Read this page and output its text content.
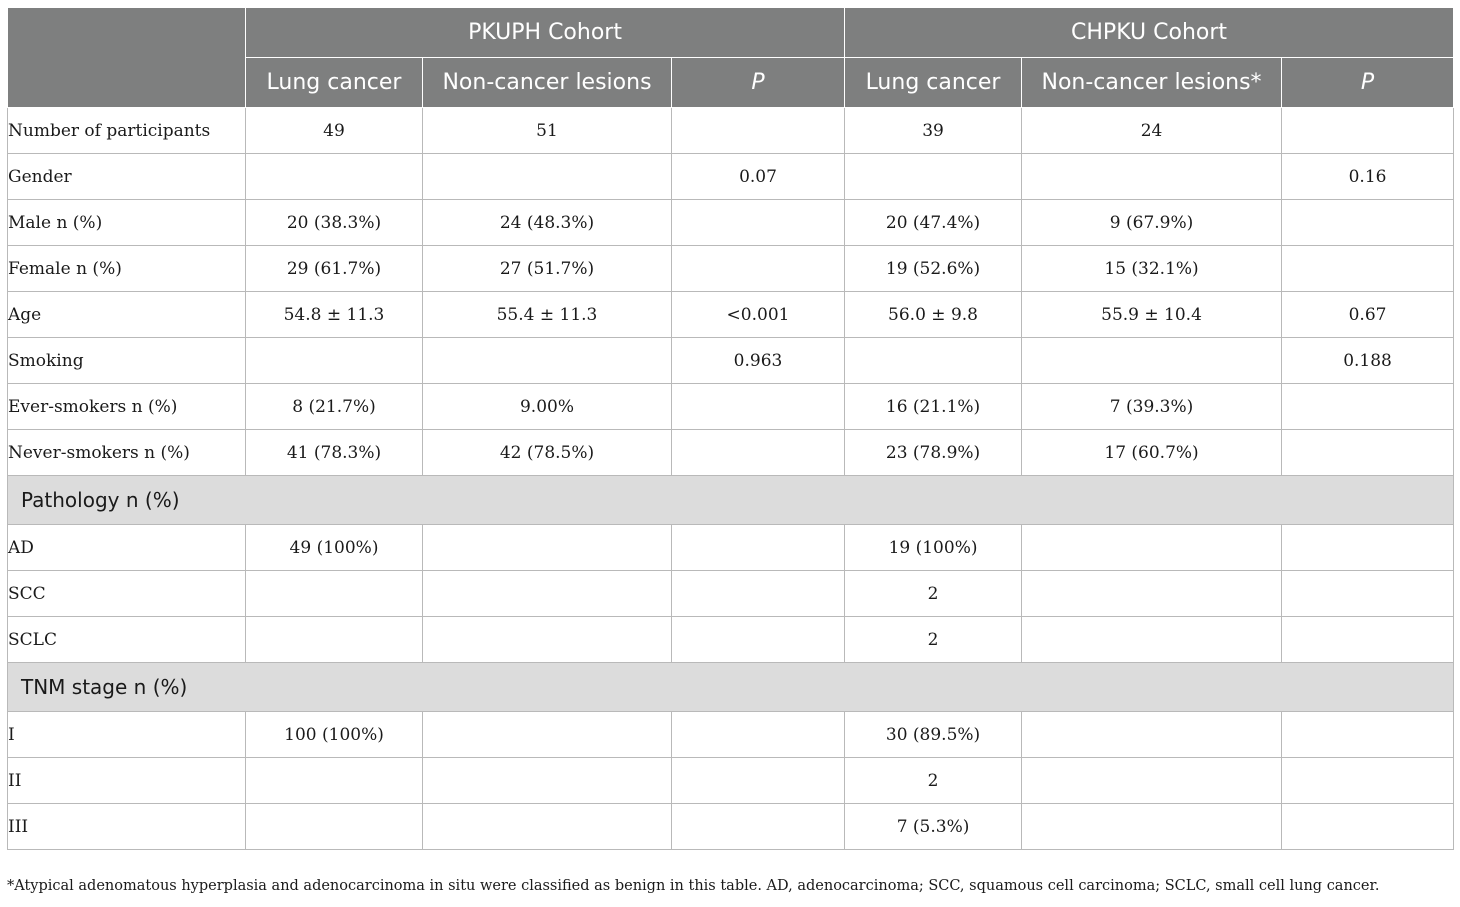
	PKUPH Cohort			CHPKU Cohort		
	Lung cancer	Non-cancer lesions	P	Lung cancer	Non-cancer lesions*	P
Number of participants	49	51		39	24	
Gender			0.07			0.16
Male n (%)	20 (38.3%)	24 (48.3%)		20 (47.4%)	9 (67.9%)	
Female n (%)	29 (61.7%)	27 (51.7%)		19 (52.6%)	15 (32.1%)	
Age	54.8 ± 11.3	55.4 ± 11.3	<0.001	56.0 ± 9.8	55.9 ± 10.4	0.67
Smoking			0.963			0.188
Ever-smokers n (%)	8 (21.7%)	9.00%		16 (21.1%)	7 (39.3%)	
Never-smokers n (%)	41 (78.3%)	42 (78.5%)		23 (78.9%)	17 (60.7%)	
Pathology n (%)						
AD	49 (100%)			19 (100%)		
SCC				2		
SCLC				2		
TNM stage n (%)						
I	100 (100%)			30 (89.5%)		
II				2		
III				7 (5.3%)		
*Atypical adenomatous hyperplasia and adenocarcinoma in situ were classified as benign in this table. AD, adenocarcinoma; SCC, squamous cell carcinoma; SCLC, small cell lung cancer.
